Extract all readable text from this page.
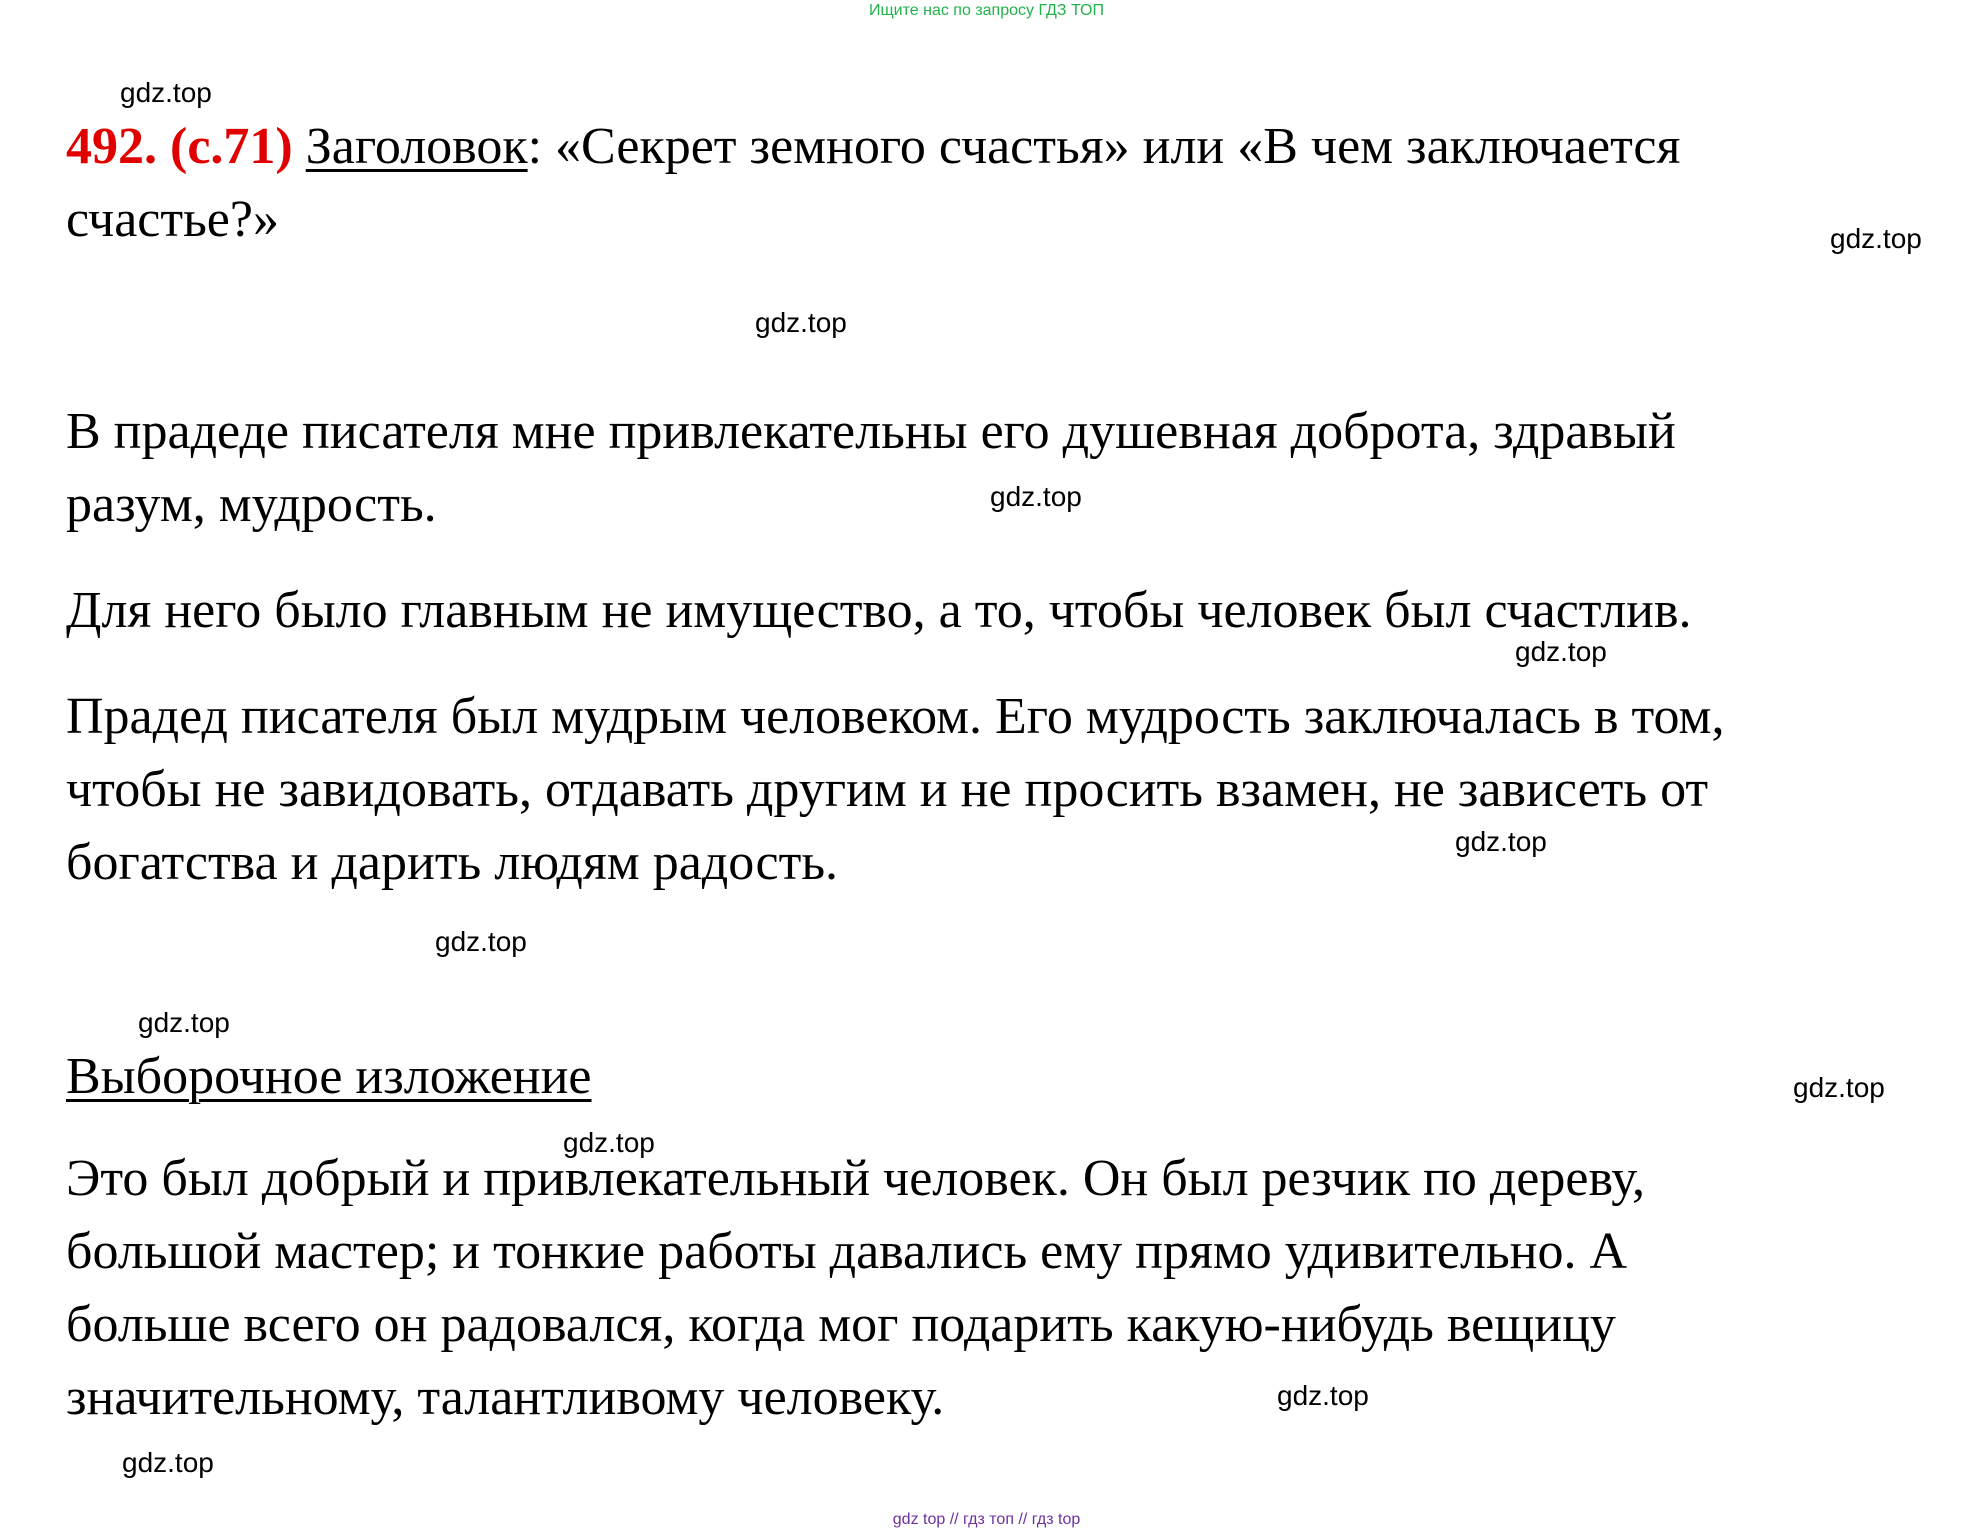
Ищите нас по запросу ГДЗ ТОП
gdz.top
gdz.top
gdz.top
gdz.top
gdz.top
gdz.top
gdz.top
gdz.top
gdz.top
gdz.top
gdz.top
gdz.top
492. (с.71) Заголовок: «Секрет земного счастья» или «В чем заключается
счастье?»
В прадеде писателя мне привлекательны его душевная доброта, здравый
разум, мудрость.
Для него было главным не имущество, а то, чтобы человек был счастлив.
Прадед писателя был мудрым человеком. Его мудрость заключалась в том,
чтобы не завидовать, отдавать другим и не просить взамен, не зависеть от
богатства и дарить людям радость.
Выборочное изложение
Это был добрый и привлекательный человек. Он был резчик по дереву,
большой мастер; и тонкие работы давались ему прямо удивительно. А
больше всего он радовался, когда мог подарить какую-нибудь вещицу
значительному, талантливому человеку.
gdz top // гдз топ // гдз top
